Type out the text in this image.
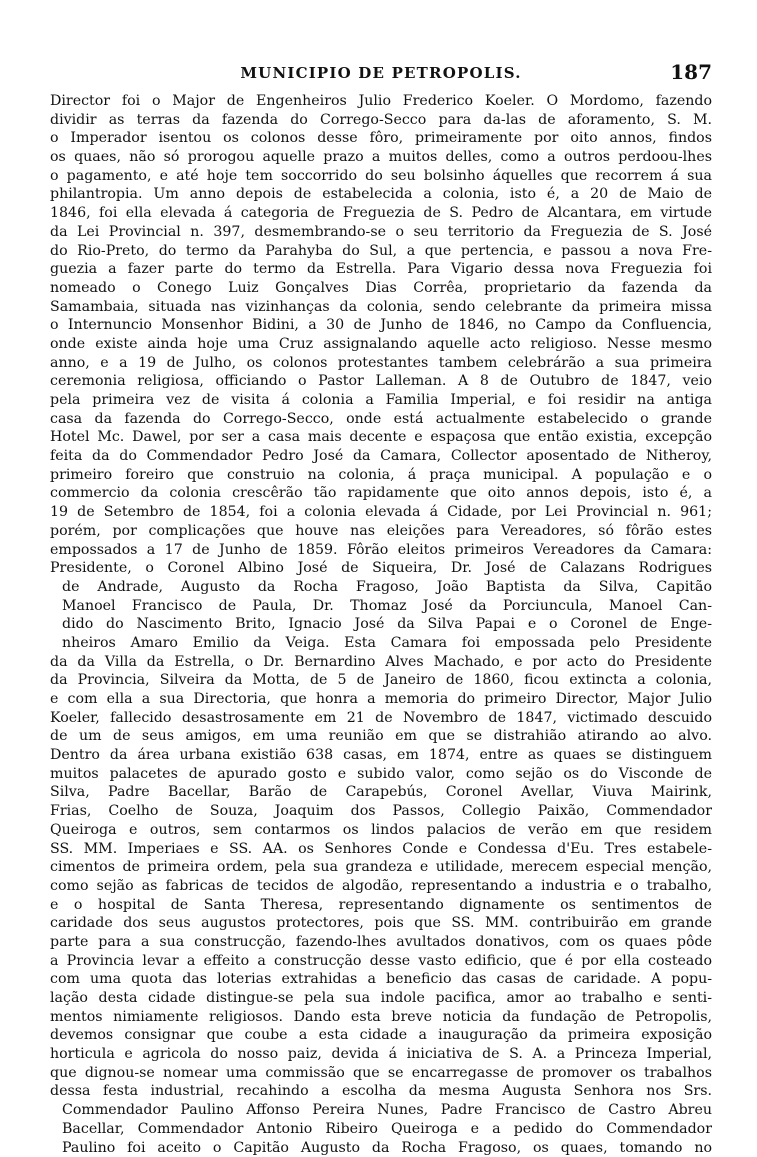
MUNICIPIO DE PETROPOLIS.	187
Director foi o Major de Engenheiros Julio Frederico Koeler. O Mordomo, fazendo
dividir as terras da fazenda do Corrego-Secco para da-las de aforamento, S. M.
o Imperador isentou os colonos desse fôro, primeiramente por oito annos, findos
os quaes, não só prorogou aquelle prazo a muitos delles, como a outros perdoou-lhes
o pagamento, e até hoje tem soccorrido do seu bolsinho áquelles que recorrem á sua
philantropia. Um anno depois de estabelecida a colonia, isto é, a 20 de Maio de
1846, foi ella elevada á categoria de Freguezia de S. Pedro de Alcantara, em virtude
da Lei Provincial n. 397, desmembrando-se o seu territorio da Freguezia de S. José
do Rio-Preto, do termo da Parahyba do Sul, a que pertencia, e passou a nova Fre-
guezia a fazer parte do termo da Estrella. Para Vigario dessa nova Freguezia foi
nomeado o Conego Luiz Gonçalves Dias Corrêa, proprietario da fazenda da
Samambaia, situada nas vizinhanças da colonia, sendo celebrante da primeira missa
o Internuncio Monsenhor Bidini, a 30 de Junho de 1846, no Campo da Confluencia,
onde existe ainda hoje uma Cruz assignalando aquelle acto religioso. Nesse mesmo
anno, e a 19 de Julho, os colonos protestantes tambem celebrárão a sua primeira
ceremonia religiosa, officiando o Pastor Lalleman. A 8 de Outubro de 1847, veio
pela primeira vez de visita á colonia a Familia Imperial, e foi residir na antiga
casa da fazenda do Corrego-Secco, onde está actualmente estabelecido o grande
Hotel Mc. Dawel, por ser a casa mais decente e espaçosa que então existia, excepção
feita da do Commendador Pedro José da Camara, Collector aposentado de Nitheroy,
primeiro foreiro que construio na colonia, á praça municipal. A população e o
commercio da colonia crescêrão tão rapidamente que oito annos depois, isto é, a
19 de Setembro de 1854, foi a colonia elevada á Cidade, por Lei Provincial n. 961;
porém, por complicações que houve nas eleições para Vereadores, só fôrão estes
empossados a 17 de Junho de 1859. Fôrão eleitos primeiros Vereadores da Camara:
Presidente, o Coronel Albino José de Siqueira, Dr. José de Calazans Rodrigues
de Andrade, Augusto da Rocha Fragoso, João Baptista da Silva, Capitão
Manoel Francisco de Paula, Dr. Thomaz José da Porciuncula, Manoel Can-
dido do Nascimento Brito, Ignacio José da Silva Papai e o Coronel de Enge-
nheiros Amaro Emilio da Veiga. Esta Camara foi empossada pelo Presidente
da da Villa da Estrella, o Dr. Bernardino Alves Machado, e por acto do Presidente
da Provincia, Silveira da Motta, de 5 de Janeiro de 1860, ficou extincta a colonia,
e com ella a sua Directoria, que honra a memoria do primeiro Director, Major Julio
Koeler, fallecido desastrosamente em 21 de Novembro de 1847, victimado descuido
de um de seus amigos, em uma reunião em que se distrahião atirando ao alvo.
Dentro da área urbana existião 638 casas, em 1874, entre as quaes se distinguem
muitos palacetes de apurado gosto e subido valor, como sejão os do Visconde de
Silva, Padre Bacellar, Barão de Carapebús, Coronel Avellar, Viuva Mairink,
Frias, Coelho de Souza, Joaquim dos Passos, Collegio Paixão, Commendador
Queiroga e outros, sem contarmos os lindos palacios de verão em que residem
SS. MM. Imperiaes e SS. AA. os Senhores Conde e Condessa d'Eu. Tres estabele-
cimentos de primeira ordem, pela sua grandeza e utilidade, merecem especial menção,
como sejão as fabricas de tecidos de algodão, representando a industria e o trabalho,
e o hospital de Santa Theresa, representando dignamente os sentimentos de
caridade dos seus augustos protectores, pois que SS. MM. contribuirão em grande
parte para a sua construcção, fazendo-lhes avultados donativos, com os quaes pôde
a Provincia levar a effeito a construcção desse vasto edificio, que é por ella costeado
com uma quota das loterias extrahidas a beneficio das casas de caridade. A popu-
lação desta cidade distingue-se pela sua indole pacifica, amor ao trabalho e senti-
mentos nimiamente religiosos. Dando esta breve noticia da fundação de Petropolis,
devemos consignar que coube a esta cidade a inauguração da primeira exposição
horticula e agricola do nosso paiz, devida á iniciativa de S. A. a Princeza Imperial,
que dignou-se nomear uma commissão que se encarregasse de promover os trabalhos
dessa festa industrial, recahindo a escolha da mesma Augusta Senhora nos Srs.
Commendador Paulino Affonso Pereira Nunes, Padre Francisco de Castro Abreu
Bacellar, Commendador Antonio Ribeiro Queiroga e a pedido do Commendador
Paulino foi aceito o Capitão Augusto da Rocha Fragoso, os quaes, tomando no
